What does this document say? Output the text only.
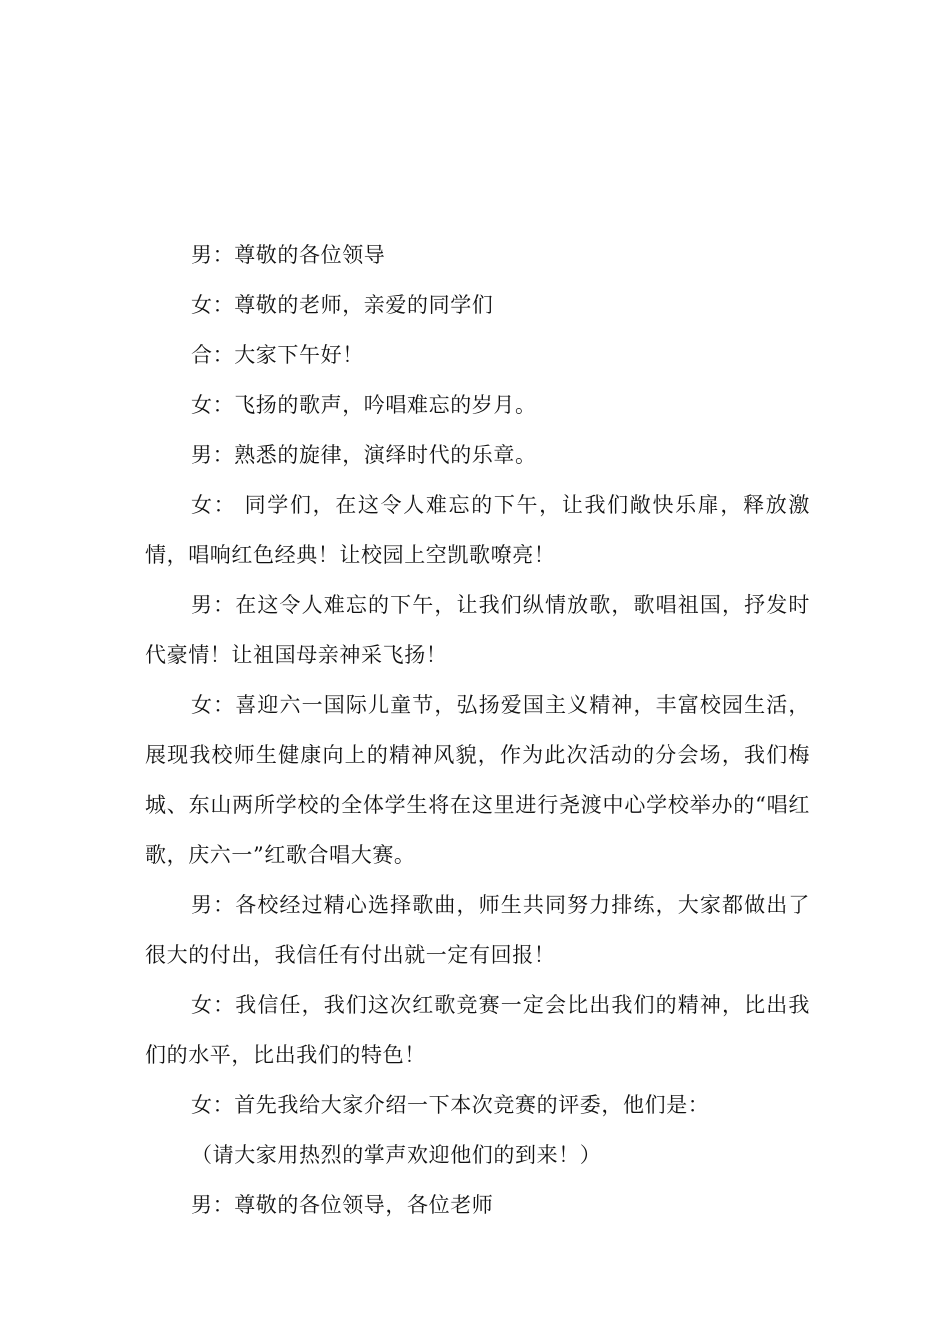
男：尊敬的各位领导

女：尊敬的老师，亲爱的同学们

合：大家下午好！

女：飞扬的歌声，吟唱难忘的岁月。

男：熟悉的旋律，演绎时代的乐章。

女： 同学们，在这令人难忘的下午，让我们敞快乐扉，释放激情，唱响红色经典！让校园上空凯歌嘹亮！

男：在这令人难忘的下午，让我们纵情放歌，歌唱祖国，抒发时代豪情！让祖国母亲神采飞扬！

女：喜迎六一国际儿童节，弘扬爱国主义精神，丰富校园生活，展现我校师生健康向上的精神风貌，作为此次活动的分会场，我们梅城、东山两所学校的全体学生将在这里进行尧渡中心学校举办的“唱红歌，庆六一”红歌合唱大赛。

男：各校经过精心选择歌曲，师生共同努力排练，大家都做出了很大的付出，我信任有付出就一定有回报！

女：我信任，我们这次红歌竞赛一定会比出我们的精神，比出我们的水平，比出我们的特色！

女：首先我给大家介绍一下本次竞赛的评委，他们是：

（请大家用热烈的掌声欢迎他们的到来！）

男：尊敬的各位领导，各位老师
